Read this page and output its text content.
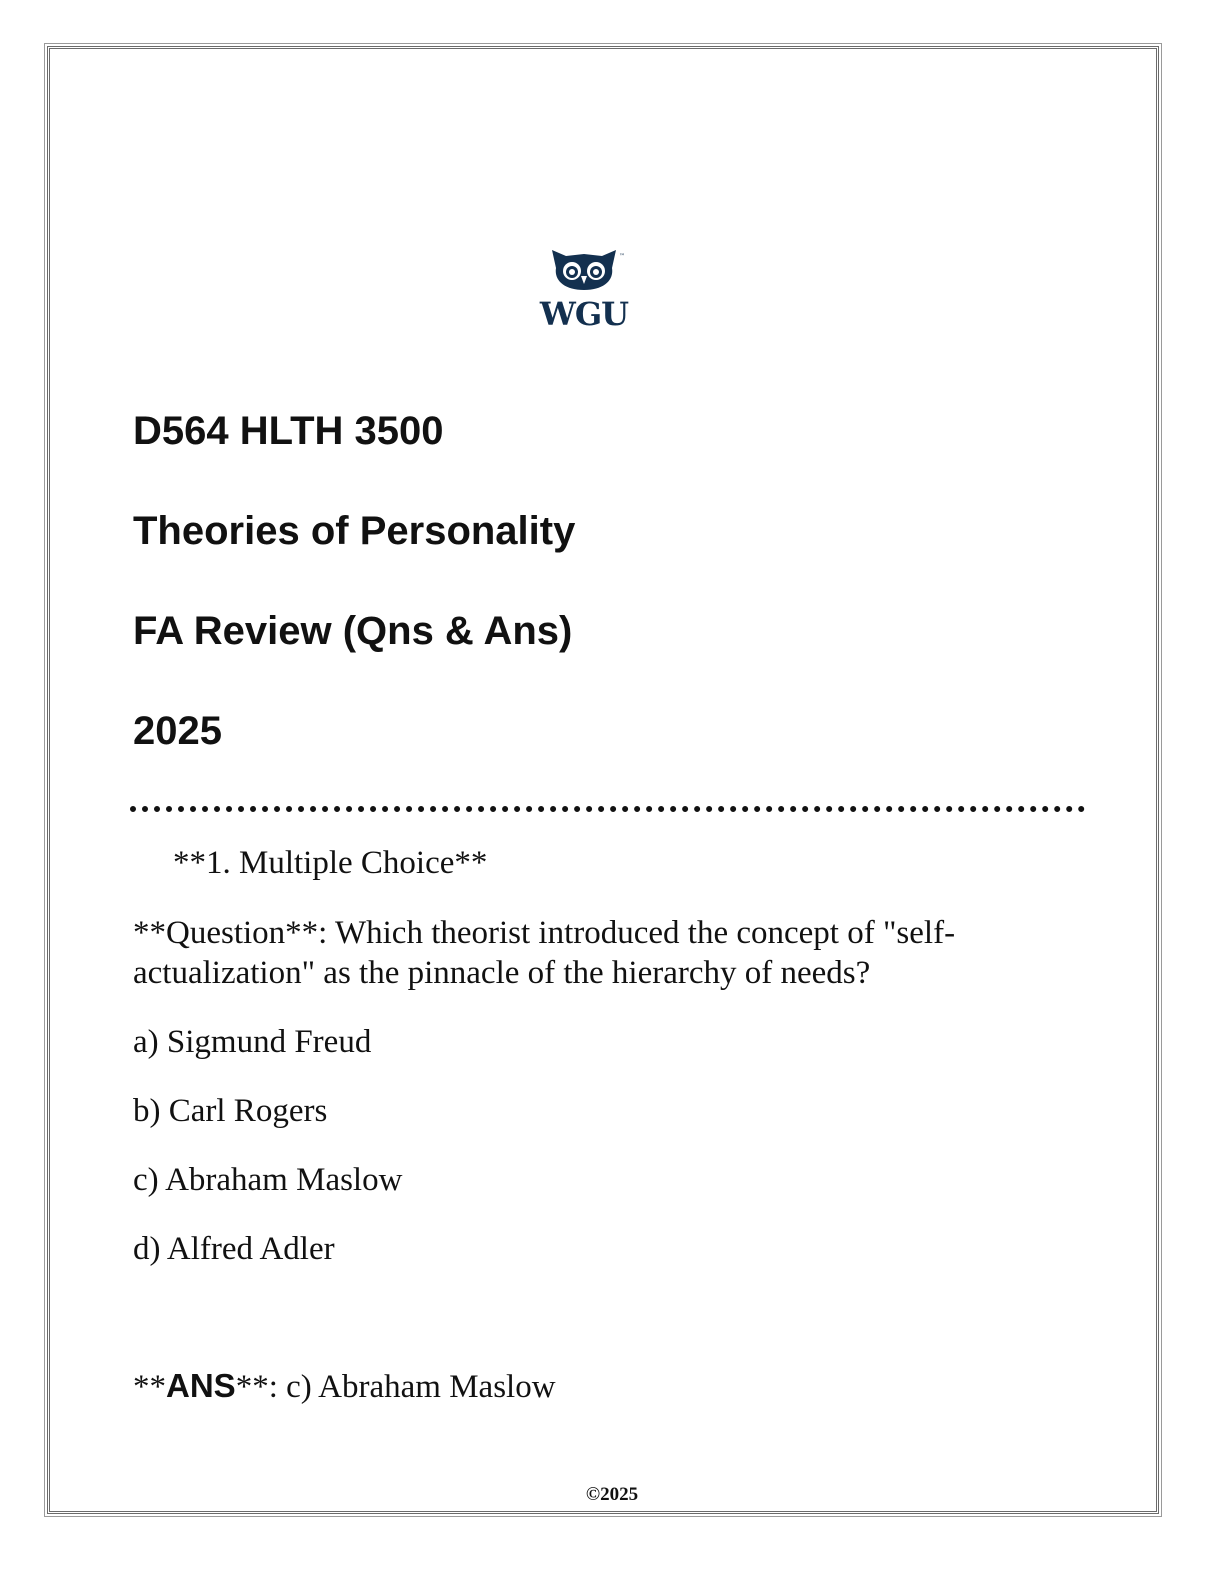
™
WGU
D564 HLTH 3500
Theories of Personality
FA Review (Qns & Ans)
2025
**1. Multiple Choice**
**Question**: Which theorist introduced the concept of "self-
actualization" as the pinnacle of the hierarchy of needs?
a) Sigmund Freud
b) Carl Rogers
c) Abraham Maslow
d) Alfred Adler
**ANS**: c) Abraham Maslow
©2025
